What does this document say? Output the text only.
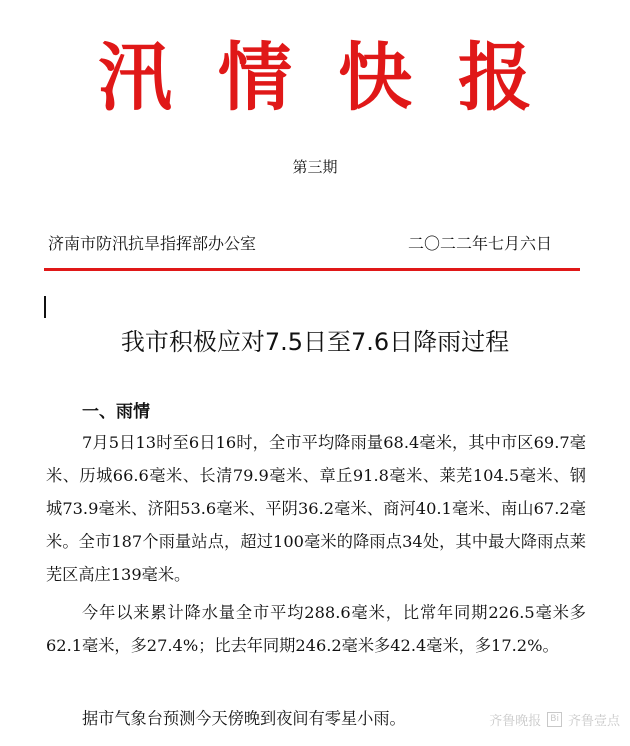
汛情快报
第三期
济南市防汛抗旱指挥部办公室	二〇二二年七月六日
我市积极应对7.5日至7.6日降雨过程
一、雨情

7月5日13时至6日16时，全市平均降雨量68.4毫米，其中市区69.7毫米、历城66.6毫米、长清79.9毫米、章丘91.8毫米、莱芜104.5毫米、钢城73.9毫米、济阳53.6毫米、平阴36.2毫米、商河40.1毫米、南山67.2毫米。全市187个雨量站点，超过100毫米的降雨点34处，其中最大降雨点莱芜区高庄139毫米。

今年以来累计降水量全市平均288.6毫米，比常年同期226.5毫米多62.1毫米，多27.4%；比去年同期246.2毫米多42.4毫米，多17.2%。

据市气象台预测今天傍晚到夜间有零星小雨。	齐鲁晚报	Bi 齐鲁壹点
